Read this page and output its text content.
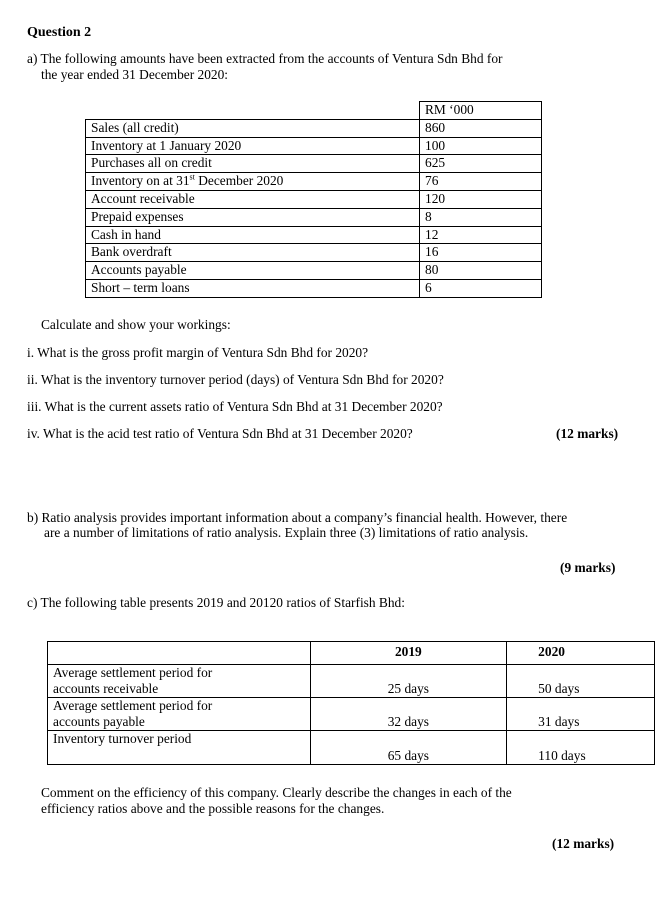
Question 2
a) The following amounts have been extracted from the accounts of Ventura Sdn Bhd for
the year ended 31 December 2020:
	RM ‘000
Sales (all credit)	860
Inventory at 1 January 2020	100
Purchases all on credit	625
Inventory on at 31st December 2020	76
Account receivable	120
Prepaid expenses	8
Cash in hand	12
Bank overdraft	16
Accounts payable	80
Short – term loans	6
Calculate and show your workings:
i. What is the gross profit margin of Ventura Sdn Bhd for 2020?
ii. What is the inventory turnover period (days) of Ventura Sdn Bhd for 2020?
iii. What is the current assets ratio of Ventura Sdn Bhd at 31 December 2020?
iv. What is the acid test ratio of Ventura Sdn Bhd at 31 December 2020?	(12 marks)
b) Ratio analysis provides important information about a company’s financial health. However, there
are a number of limitations of ratio analysis. Explain three (3) limitations of ratio analysis.
(9 marks)
c) The following table presents 2019 and 20120 ratios of Starfish Bhd:
	2019	2020

Average settlement period for
accounts receivable	25 days	50 days

Average settlement period for
accounts payable	32 days	31 days

Inventory turnover period	65 days	110 days
Comment on the efficiency of this company. Clearly describe the changes in each of the
efficiency ratios above and the possible reasons for the changes.
(12 marks)
